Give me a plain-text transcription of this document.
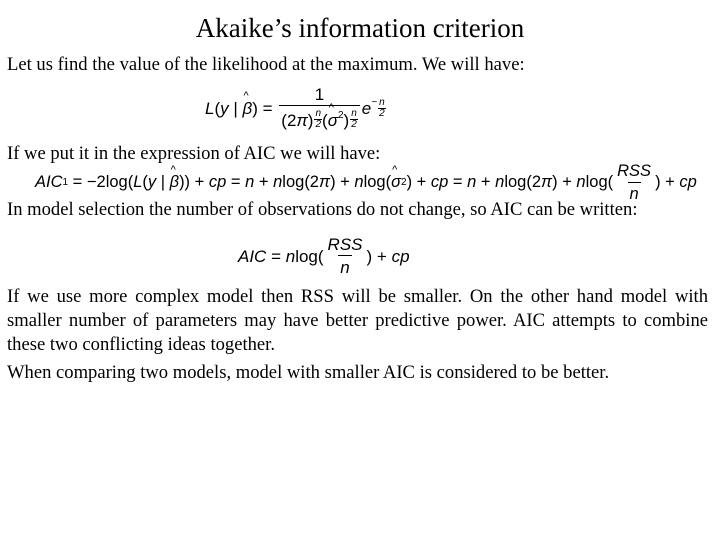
Akaike’s information criterion
Let us find the value of the likelihood at the maximum. We will have:
L ( y | ^ β ) = $\frac{1}{(2\pi) \frac{n}{2} (\^{} \sigma^2) \frac{n}{2}}$ $e - \frac{n}{2}$
If we put it in the expression of AIC we will have:
AIC 1 = −2log( L ( y | ^ β )) + cp = n + n log(2 π ) + n log( ^ σ 2 ) + cp = n + n log(2 π ) + n $\log( \frac{\text{RSS}}{n}$ ) + cp
In model selection the number of observations do not change, so AIC can be written:
AIC = n $\log( \frac{\text{RSS}}{n}$ ) + cp
If we use more complex model then RSS will be smaller. On the other hand model with smaller number of parameters may have better predictive power. AIC attempts to combine these two conflicting ideas together.
When comparing two models, model with smaller AIC is considered to be better.
